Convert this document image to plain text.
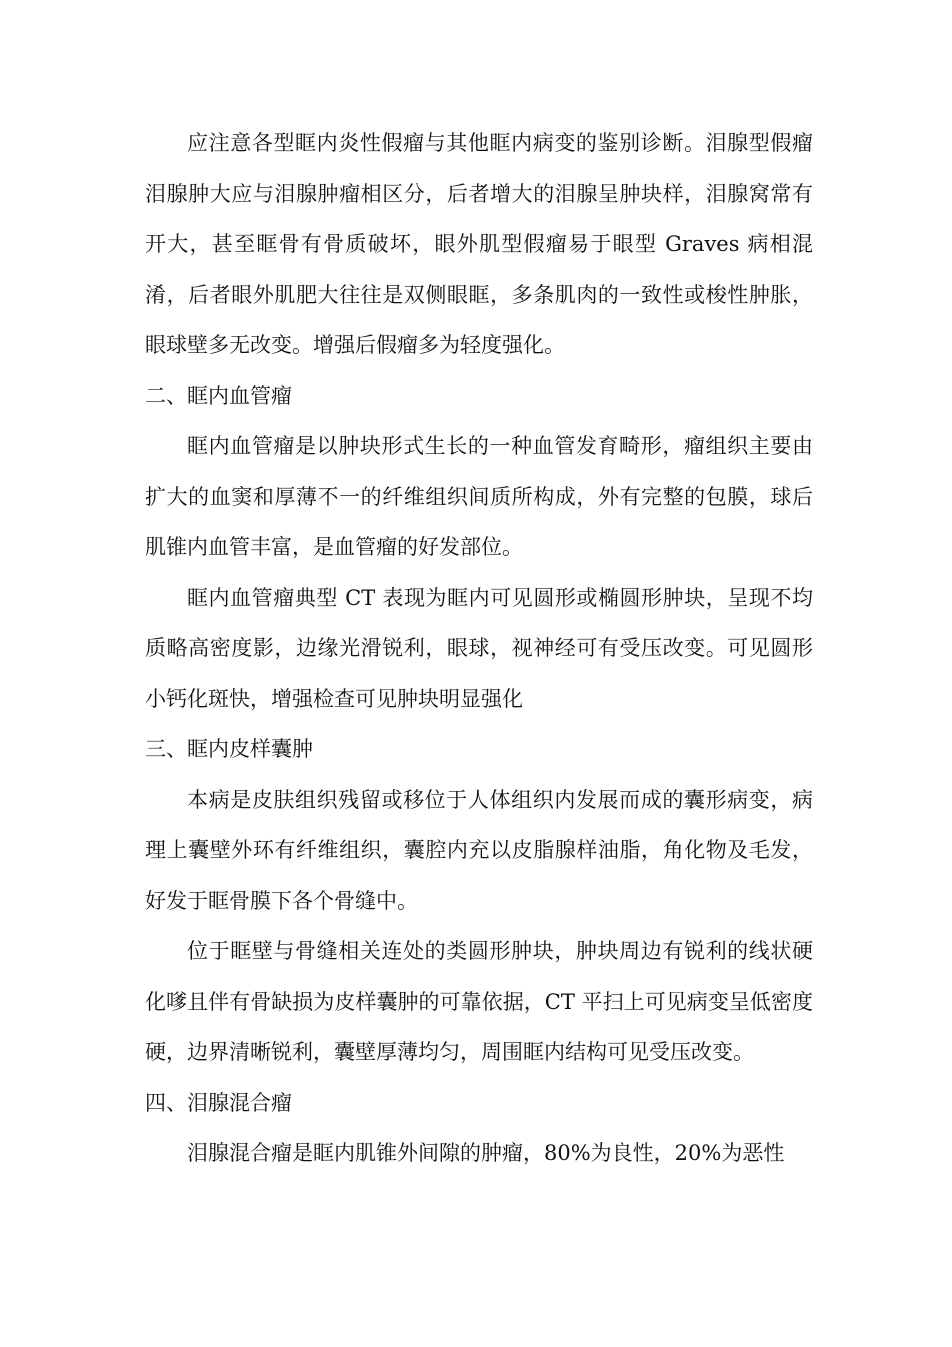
应注意各型眶内炎性假瘤与其他眶内病变的鉴别诊断。泪腺型假瘤泪腺肿大应与泪腺肿瘤相区分，后者增大的泪腺呈肿块样，泪腺窝常有开大，甚至眶骨有骨质破坏，眼外肌型假瘤易于眼型 Graves 病相混淆，后者眼外肌肥大往往是双侧眼眶，多条肌肉的一致性或梭性肿胀，眼球壁多无改变。增强后假瘤多为轻度强化。

二、眶内血管瘤

眶内血管瘤是以肿块形式生长的一种血管发育畸形，瘤组织主要由扩大的血窦和厚薄不一的纤维组织间质所构成，外有完整的包膜，球后肌锥内血管丰富，是血管瘤的好发部位。

眶内血管瘤典型 CT 表现为眶内可见圆形或椭圆形肿块，呈现不均质略高密度影，边缘光滑锐利，眼球，视神经可有受压改变。可见圆形小钙化斑快，增强检查可见肿块明显强化

三、眶内皮样囊肿

本病是皮肤组织残留或移位于人体组织内发展而成的囊形病变，病理上囊壁外环有纤维组织，囊腔内充以皮脂腺样油脂，角化物及毛发，好发于眶骨膜下各个骨缝中。

位于眶壁与骨缝相关连处的类圆形肿块，肿块周边有锐利的线状硬化嗲且伴有骨缺损为皮样囊肿的可靠依据，CT 平扫上可见病变呈低密度硬，边界清晰锐利，囊壁厚薄均匀，周围眶内结构可见受压改变。

四、泪腺混合瘤

泪腺混合瘤是眶内肌锥外间隙的肿瘤，80%为良性，20%为恶性
